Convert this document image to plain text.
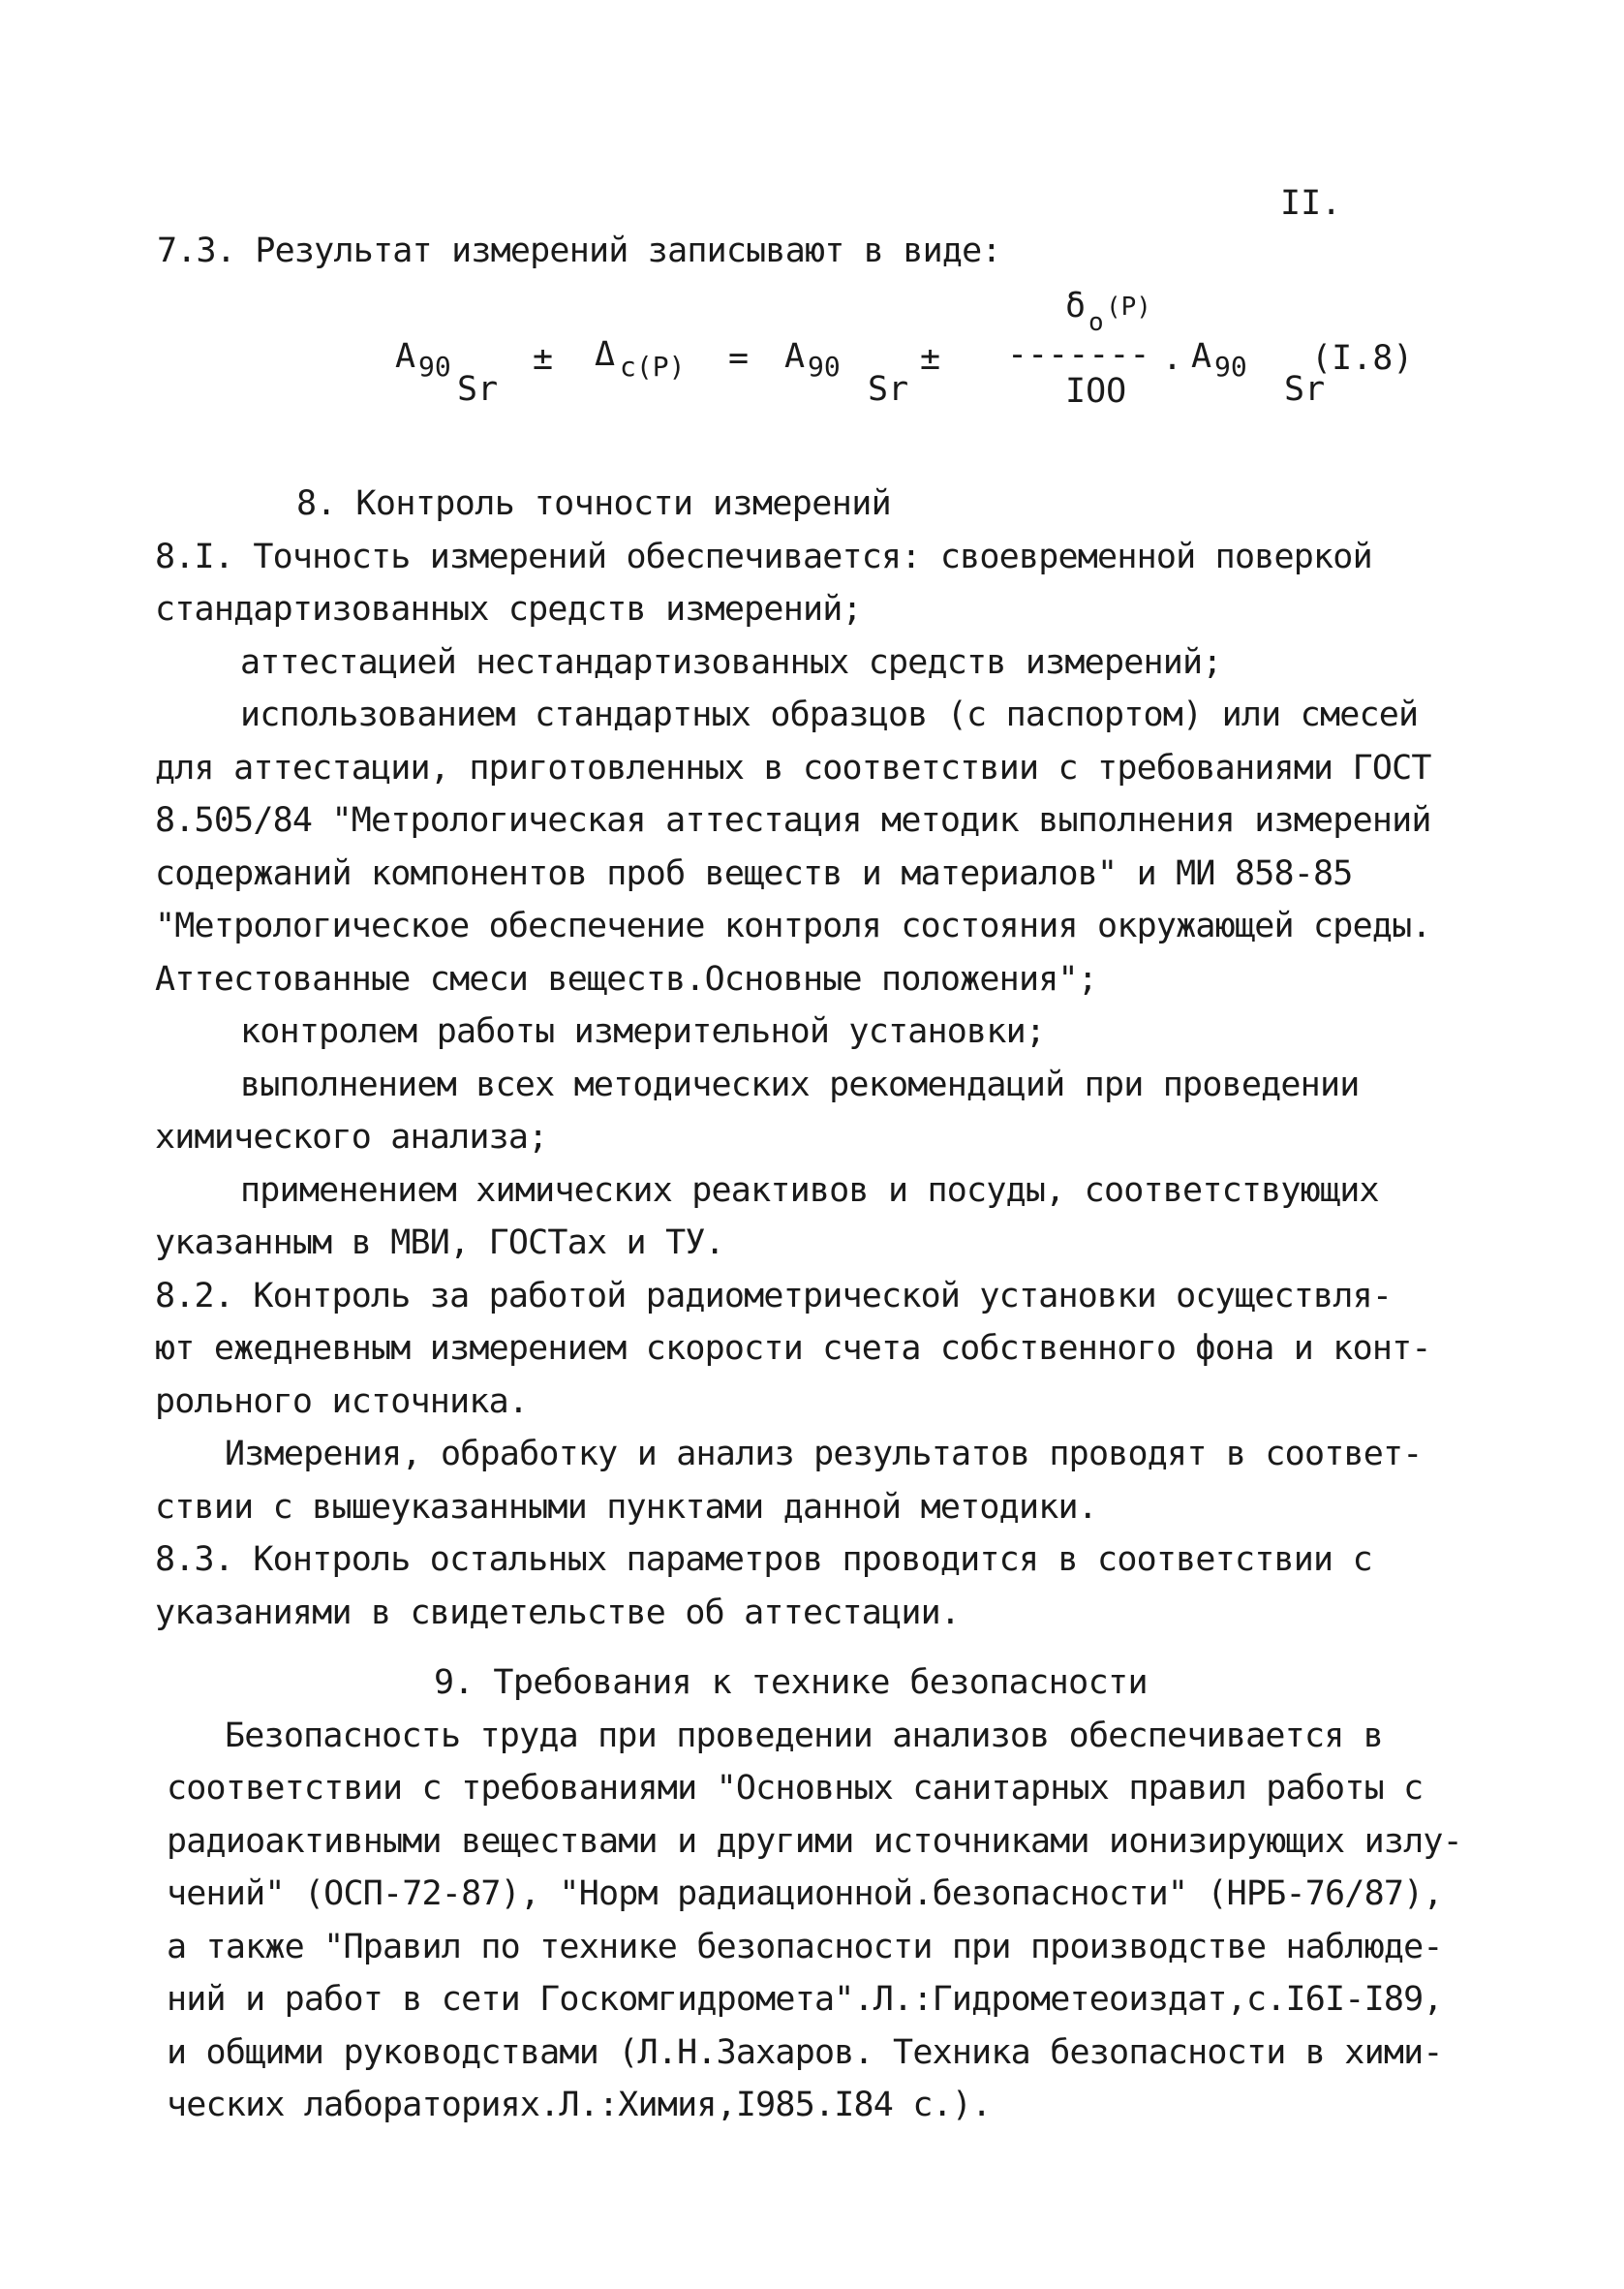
II.
7.3. Результат измерений записывают в виде:
A 90
Sr
± Δ c(P) = A 90
Sr
±
δ o
(P)
-------
IOO
. A 90
Sr
(I.8)
8. Контроль точности измерений
8.I. Точность измерений обеспечивается: своевременной поверкой
стандартизованных средств измерений;
аттестацией нестандартизованных средств измерений;
использованием стандартных образцов (с паспортом) или смесей
для аттестации, приготовленных в соответствии с требованиями ГОСТ
8.505/84 "Метрологическая аттестация методик выполнения измерений
содержаний компонентов проб веществ и материалов" и МИ 858-85
"Метрологическое обеспечение контроля состояния окружающей среды.
Аттестованные смеси веществ.Основные положения";
контролем работы измерительной установки;
выполнением всех методических рекомендаций при проведении
химического анализа;
применением химических реактивов и посуды, соответствующих
указанным в МВИ, ГОСТах и ТУ.
8.2. Контроль за работой радиометрической установки осуществля-
ют ежедневным измерением скорости счета собственного фона и конт-
рольного источника.
Измерения, обработку и анализ результатов проводят в соответ-
ствии с вышеуказанными пунктами данной методики.
8.3. Контроль остальных параметров проводится в соответствии с
указаниями в свидетельстве об аттестации.
9. Требования к технике безопасности
Безопасность труда при проведении анализов обеспечивается в
соответствии с требованиями "Основных санитарных правил работы с
радиоактивными веществами и другими источниками ионизирующих излу-
чений" (ОСП-72-87), "Норм радиационной.безопасности" (НРБ-76/87),
а также "Правил по технике безопасности при производстве наблюде-
ний и работ в сети Госкомгидромета".Л.:Гидрометеоиздат,с.I6I-I89,
и общими руководствами (Л.Н.Захаров. Техника безопасности в хими-
ческих лабораториях.Л.:Химия,I985.I84 с.).
